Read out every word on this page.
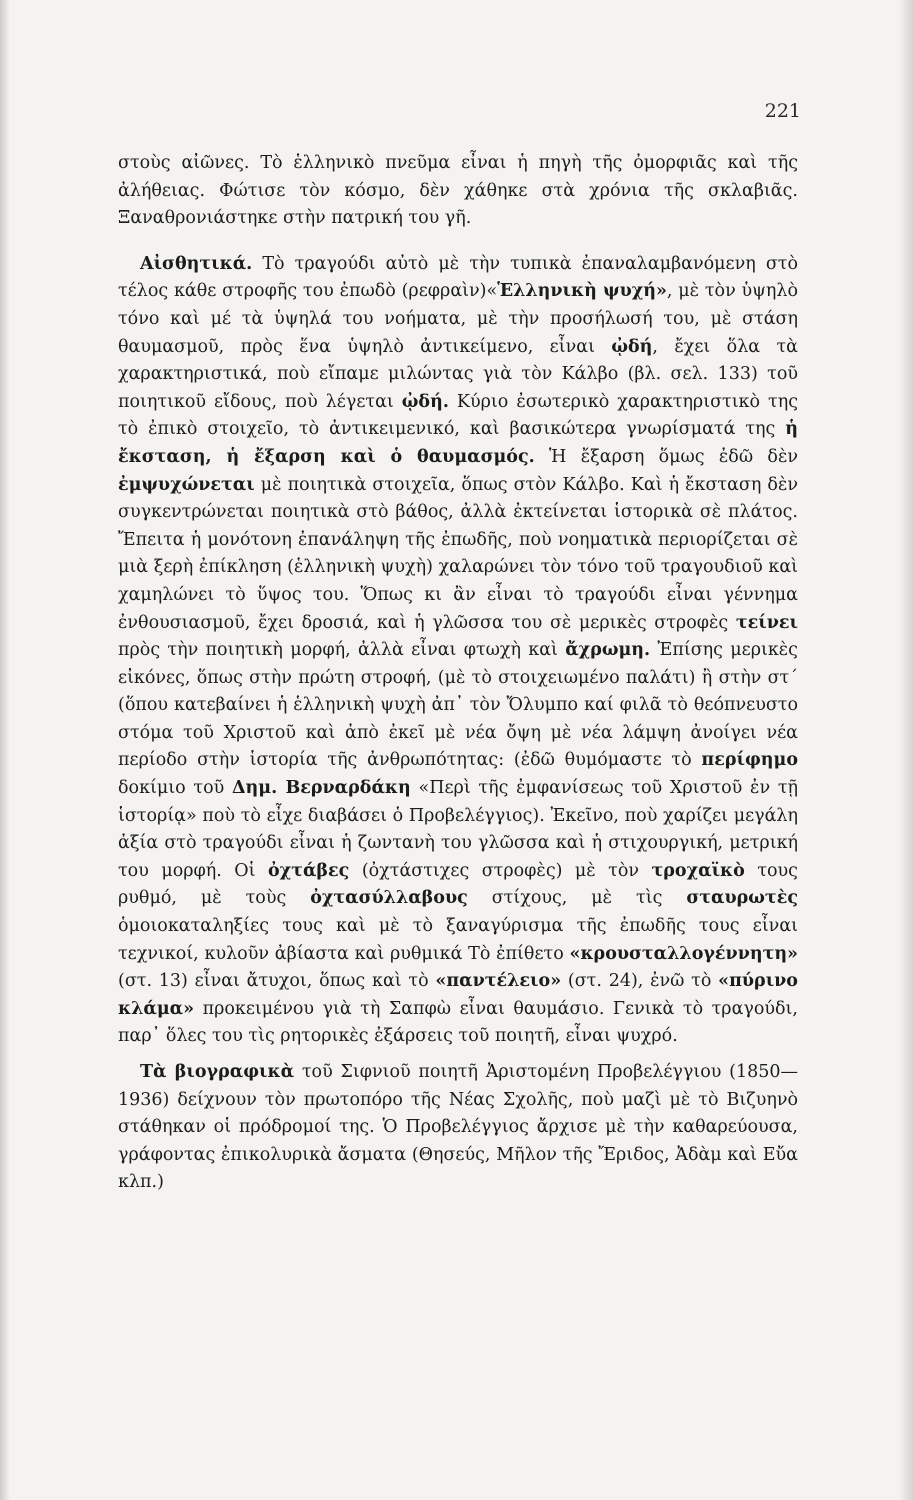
221

στοὺς αἰῶνες. Τὸ ἑλληνικὸ πνεῦμα εἶναι ἡ πηγὴ τῆς ὀμορφιᾶς καὶ τῆς ἀλήθειας. Φώτισε τὸν κόσμο, δὲν χάθηκε στὰ χρόνια τῆς σκλαβιᾶς. Ξαναθρονιάστηκε στὴν πατρική του γῆ.

Αἰσθητικά. Τὸ τραγούδι αὐτὸ μὲ τὴν τυπικὰ ἐπαναλαμβανόμενη στὸ τέλος κάθε στροφῆς του ἐπωδὸ (ρεφραὶν)«Ἑλληνικὴ ψυχή», μὲ τὸν ὑψηλὸ τόνο καὶ μέ τὰ ὑψηλά του νοήματα, μὲ τὴν προσήλωσή του, μὲ στάση θαυμασμοῦ, πρὸς ἕνα ὑψηλὸ ἀντικείμενο, εἶναι ᾠδή, ἔχει ὅλα τὰ χαρακτηριστικά, ποὺ εἴπαμε μιλώντας γιὰ τὸν Κάλβο (βλ. σελ. 133) τοῦ ποιητικοῦ εἴδους, ποὺ λέγεται ᾠδή. Κύριο ἐσωτερικὸ χαρακτηριστικὸ της τὸ ἐπικὸ στοιχεῖο, τὸ ἀντικειμενικό, καὶ βασικώτερα γνωρίσματά της ἡ ἔκσταση, ἡ ἔξαρση καὶ ὁ θαυμασμός. Ἡ ἔξαρση ὅμως ἐδῶ δὲν ἐμψυχώνεται μὲ ποιητικὰ στοιχεῖα, ὅπως στὸν Κάλβο. Καὶ ἡ ἔκσταση δὲν συγκεντρώνεται ποιητικὰ στὸ βάθος, ἀλλὰ ἐκτείνεται ἱστορικὰ σὲ πλάτος. Ἔπειτα ἡ μονότονη ἐπανάληψη τῆς ἐπωδῆς, ποὺ νοηματικὰ περιορίζεται σὲ μιὰ ξερὴ ἐπίκληση (ἑλληνικὴ ψυχὴ) χαλαρώνει τὸν τόνο τοῦ τραγουδιοῦ καὶ χαμηλώνει τὸ ὕψος του. Ὅπως κι ἂν εἶναι τὸ τραγούδι εἶναι γέννημα ἐνθουσιασμοῦ, ἔχει δροσιά, καὶ ἡ γλῶσσα του σὲ μερικὲς στροφὲς τείνει πρὸς τὴν ποιητικὴ μορφή, ἀλλὰ εἶναι φτωχὴ καὶ ἄχρωμη. Ἐπίσης μερικὲς εἰκόνες, ὅπως στὴν πρώτη στροφή, (μὲ τὸ στοιχειωμένο παλάτι) ἢ στὴν στ´ (ὅπου κατεβαίνει ἡ ἑλληνικὴ ψυχὴ ἀπ᾽ τὸν Ὄλυμπο καί φιλᾶ τὸ θεόπνευστο στόμα τοῦ Χριστοῦ καὶ ἀπὸ ἐκεῖ μὲ νέα ὄψη μὲ νέα λάμψη ἀνοίγει νέα περίοδο στὴν ἱστορία τῆς ἀνθρωπότητας: (ἐδῶ θυμόμαστε τὸ περίφημο δοκίμιο τοῦ Δημ. Βερναρδάκη «Περὶ τῆς ἐμφανίσεως τοῦ Χριστοῦ ἐν τῇ ἱστορίᾳ» ποὺ τὸ εἶχε διαβάσει ὁ Προβελέγγιος). Ἐκεῖνο, ποὺ χαρίζει μεγάλη ἀξία στὸ τραγούδι εἶναι ἡ ζωντανὴ του γλῶσσα καὶ ἡ στιχουργική, μετρική του μορφή. Οἱ ὀχτάβες (ὀχτάστιχες στροφὲς) μὲ τὸν τροχαϊκὸ τους ρυθμό, μὲ τοὺς ὀχτασύλλαβους στίχους, μὲ τὶς σταυρωτὲς ὁμοιοκαταληξίες τους καὶ μὲ τὸ ξαναγύρισμα τῆς ἐπωδῆς τους εἶναι τεχνικοί, κυλοῦν ἀβίαστα καὶ ρυθμικά Τὸ ἐπίθετο «κρουσταλλογέννητη» (στ. 13) εἶναι ἄτυχοι, ὅπως καὶ τὸ «παντέλειο» (στ. 24), ἐνῶ τὸ «πύρινο κλάμα» προκειμένου γιὰ τὴ Σαπφὼ εἶναι θαυμάσιο. Γενικὰ τὸ τραγούδι, παρ᾽ ὅλες του τὶς ρητορικὲς ἐξάρσεις τοῦ ποιητῆ, εἶναι ψυχρό.

Τὰ βιογραφικὰ τοῦ Σιφνιοῦ ποιητῆ Ἀριστομένη Προβελέγγιου (1850—1936) δείχνουν τὸν πρωτοπόρο τῆς Νέας Σχολῆς, ποὺ μαζὶ μὲ τὸ Βιζυηνὸ στάθηκαν οἱ πρόδρομοί της. Ὁ Προβελέγγιος ἄρχισε μὲ τὴν καθαρεύουσα, γράφοντας ἐπικολυρικὰ ἄσματα (Θησεύς, Μῆλον τῆς Ἔριδος, Ἀδὰμ καὶ Εὔα κλπ.)
